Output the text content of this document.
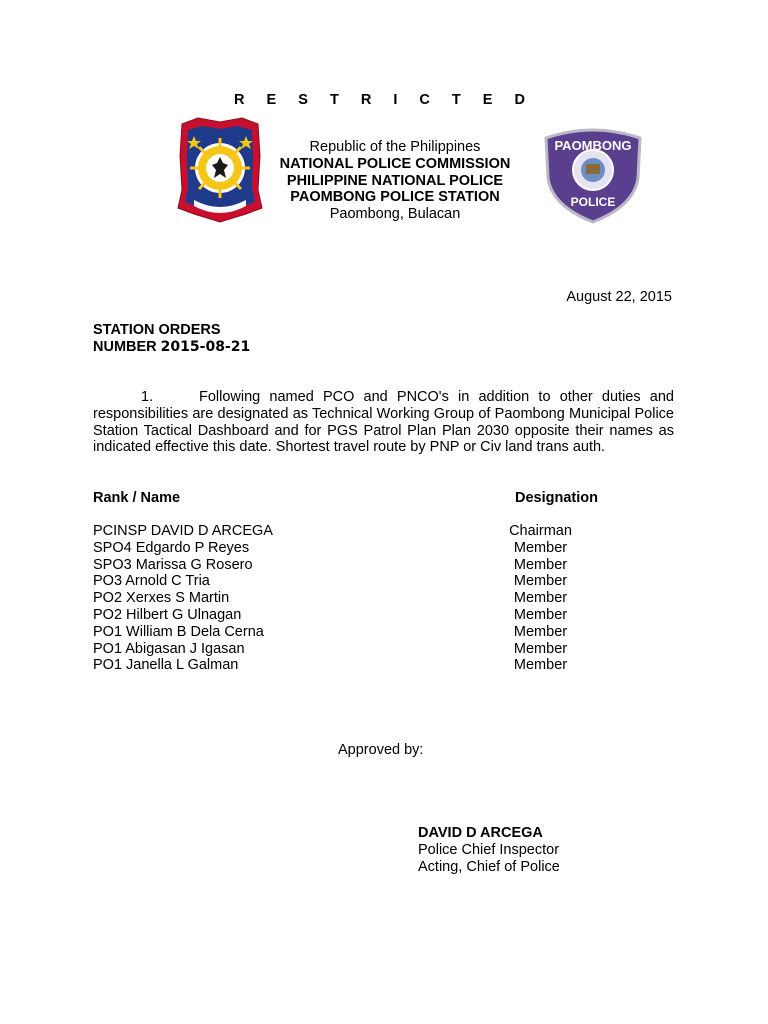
R E S T R I C T E D
Republic of the Philippines
NATIONAL POLICE COMMISSION
PHILIPPINE NATIONAL POLICE
PAOMBONG POLICE STATION
Paombong, Bulacan
PAOMBONG
POLICE
August 22, 2015
STATION ORDERS
NUMBER 2015-08-21
1.	Following named PCO and PNCO's in addition to other duties and responsibilities are designated as Technical Working Group of Paombong Municipal Police Station Tactical Dashboard and for PGS Patrol Plan Plan 2030 opposite their names as indicated effective this date. Shortest travel route by PNP or Civ land trans auth.
Rank / Name	Designation
PCINSP DAVID D ARCEGA	Chairman
SPO4 Edgardo P Reyes	Member
SPO3 Marissa G Rosero	Member
PO3 Arnold C Tria	Member
PO2 Xerxes S Martin	Member
PO2 Hilbert G Ulnagan	Member
PO1 William B Dela Cerna	Member
PO1 Abigasan J Igasan	Member
PO1 Janella L Galman	Member
Approved by:
DAVID D ARCEGA
Police Chief Inspector
Acting, Chief of Police
